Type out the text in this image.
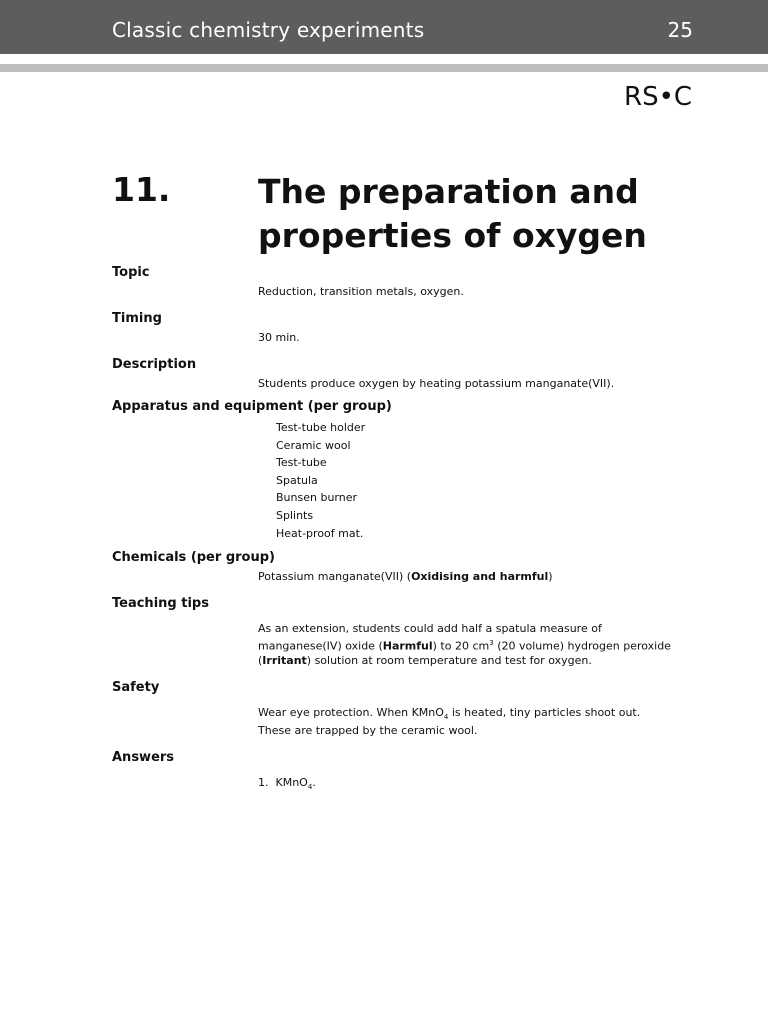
Classic chemistry experiments	25
RS•C
11.	The preparation and properties of oxygen
Topic
Reduction, transition metals, oxygen.
Timing
30 min.
Description
Students produce oxygen by heating potassium manganate(VII).
Apparatus and equipment (per group)
Test-tube holder
Ceramic wool
Test-tube
Spatula
Bunsen burner
Splints
Heat-proof mat.
Chemicals (per group)
Potassium manganate(VII) (Oxidising and harmful)
Teaching tips
As an extension, students could add half a spatula measure of manganese(IV) oxide (Harmful) to 20 $cm^3$ (20 volume) hydrogen peroxide (Irritant) solution at room temperature and test for oxygen.
Safety
Wear eye protection. When KMnO$_4$ is heated, tiny particles shoot out. These are trapped by the ceramic wool.
Answers
1. KMnO$_4$.
